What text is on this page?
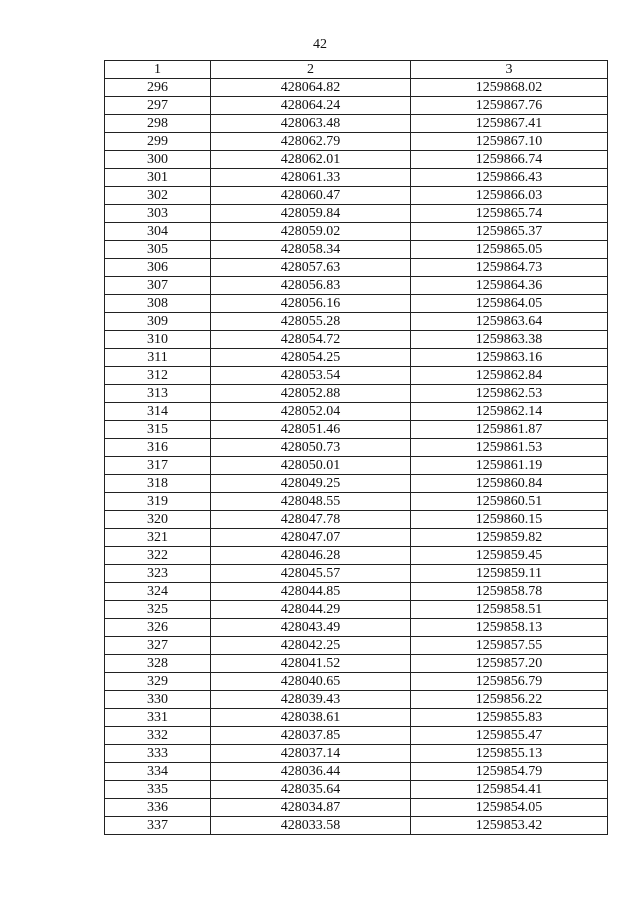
42
1	2	3
296	428064.82	1259868.02
297	428064.24	1259867.76
298	428063.48	1259867.41
299	428062.79	1259867.10
300	428062.01	1259866.74
301	428061.33	1259866.43
302	428060.47	1259866.03
303	428059.84	1259865.74
304	428059.02	1259865.37
305	428058.34	1259865.05
306	428057.63	1259864.73
307	428056.83	1259864.36
308	428056.16	1259864.05
309	428055.28	1259863.64
310	428054.72	1259863.38
311	428054.25	1259863.16
312	428053.54	1259862.84
313	428052.88	1259862.53
314	428052.04	1259862.14
315	428051.46	1259861.87
316	428050.73	1259861.53
317	428050.01	1259861.19
318	428049.25	1259860.84
319	428048.55	1259860.51
320	428047.78	1259860.15
321	428047.07	1259859.82
322	428046.28	1259859.45
323	428045.57	1259859.11
324	428044.85	1259858.78
325	428044.29	1259858.51
326	428043.49	1259858.13
327	428042.25	1259857.55
328	428041.52	1259857.20
329	428040.65	1259856.79
330	428039.43	1259856.22
331	428038.61	1259855.83
332	428037.85	1259855.47
333	428037.14	1259855.13
334	428036.44	1259854.79
335	428035.64	1259854.41
336	428034.87	1259854.05
337	428033.58	1259853.42
